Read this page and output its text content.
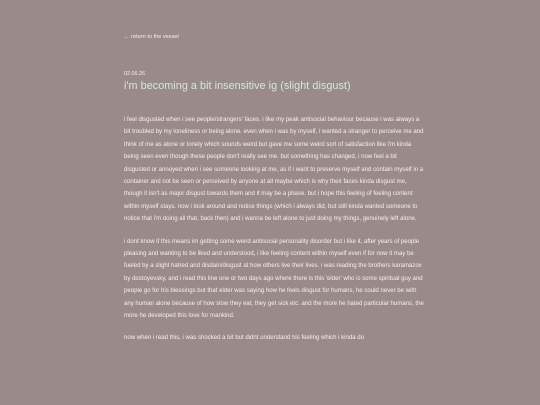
← return to the vessel
02.06.26
i'm becoming a bit insensitive ig (slight disgust)

i feel disgusted when i see people/strangers' faces. i like my peak antisocial behaviour because i was always a bit troubled by my loneliness or being alone. even when i was by myself, i wanted a stranger to perceive me and think of me as alone or lonely which sounds weird but gave me some weird sort of satisfaction like i'm kinda being seen even though these people don't really see me. but something has changed, i now feel a bit disgusted or annoyed when i see someone looking at me, as if i want to preserve myself and contain myself in a container and not be seen or perceived by anyone at all maybe which is why their faces kinda disgust me, though it isn't as major disgust towards them and it may be a phase. but i hope this feeling of feeling content within myself stays. now i look around and notice things (which i always did, but still kinda wanted someone to notice that i'm doing all that, back then) and i wanna be left alone to just doing my things, genuinely left alone.

i dont know if this means im getting some weird antisocial personality disorder but i like it, after years of people pleasing and wanting to be liked and understood, i like feeling content within myself even if for now it may be fueled by a slight hatred and disdain/disgust at how others live their lives. i was reading the brothers karamazov by dostoyevsky, and i read this line one or two days ago where there is this 'elder' who is some spiritual guy and people go for his blessings but that elder was saying how he feels disgust for humans, he could never be with any human alone because of how slow they eat, they get sick etc. and the more he hated particular humans, the more he developed this love for mankind.

now when i read this, i was shocked a bit but didnt understand his feeling which i kinda do
